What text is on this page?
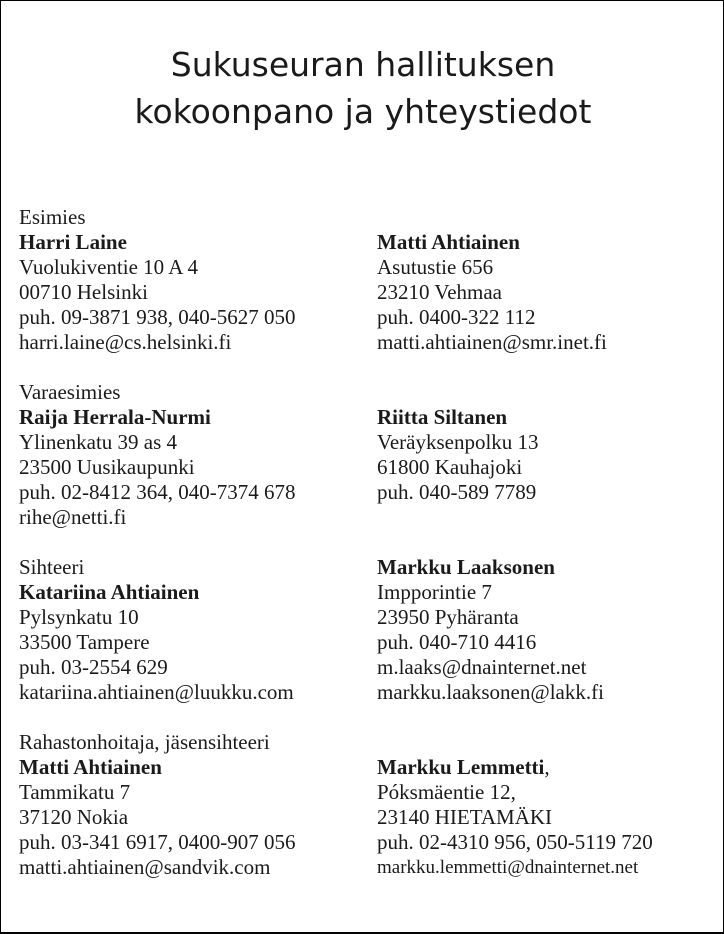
Sukuseuran hallituksen
kokoonpano ja yhteystiedot
Esimies
Harri Laine
Vuolukiventie 10 A 4
00710 Helsinki
puh. 09-3871 938, 040-5627 050
harri.laine@cs.helsinki.fi
Varaesimies
Raija Herrala-Nurmi
Ylinenkatu 39 as 4
23500 Uusikaupunki
puh. 02-8412 364, 040-7374 678
rihe@netti.fi
Sihteeri
Katariina Ahtiainen
Pylsynkatu 10
33500 Tampere
puh. 03-2554 629
katariina.ahtiainen@luukku.com
Rahastonhoitaja, jäsensihteeri
Matti Ahtiainen
Tammikatu 7
37120 Nokia
puh. 03-341 6917, 0400-907 056
matti.ahtiainen@sandvik.com
Matti Ahtiainen
Asutustie 656
23210 Vehmaa
puh. 0400-322 112
matti.ahtiainen@smr.inet.fi
Riitta Siltanen
Veräyksenpolku 13
61800 Kauhajoki
puh. 040-589 7789
Markku Laaksonen
Impporintie 7
23950 Pyhäranta
puh. 040-710 4416
m.laaks@dnainternet.net
markku.laaksonen@lakk.fi
Markku Lemmetti,
Póksmäentie 12,
23140 HIETAMÄKI
puh. 02-4310 956, 050-5119 720
markku.lemmetti@dnainternet.net
